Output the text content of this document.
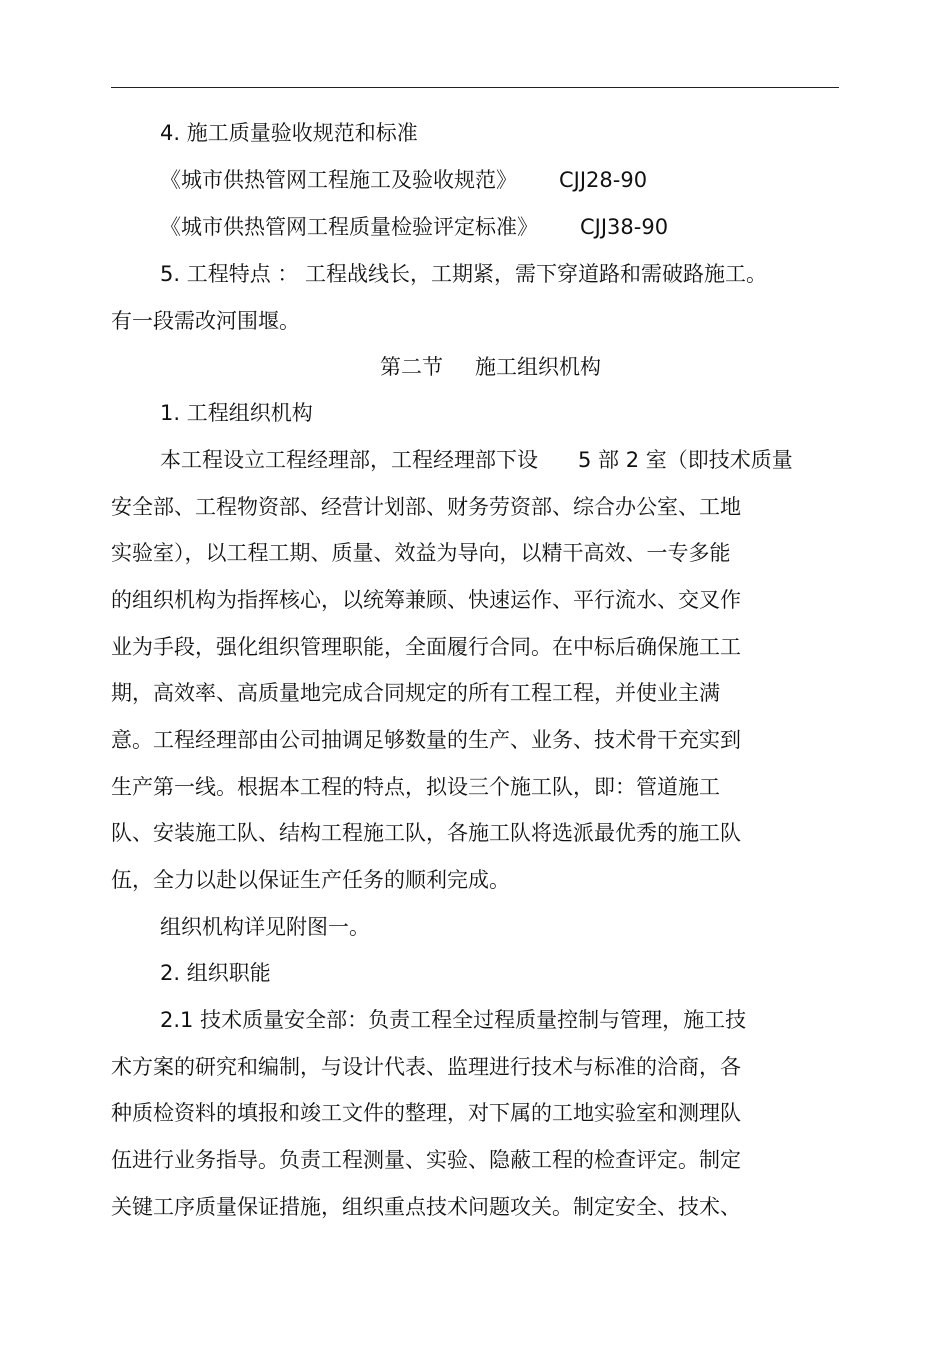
4. 施工质量验收规范和标准
《城市供热管网工程施工及验收规范》 CJJ28-90
《城市供热管网工程质量检验评定标准》 CJJ38-90
5. 工程特点 ： 工程战线长，工期紧，需下穿道路和需破路施工。
有一段需改河围堰。
第二节 施工组织机构
1. 工程组织机构
本工程设立工程经理部，工程经理部下设 5 部 2 室（即技术质量
安全部、工程物资部、经营计划部、财务劳资部、综合办公室、工地
实验室），以工程工期、质量、效益为导向，以精干高效、一专多能
的组织机构为指挥核心，以统筹兼顾、快速运作、平行流水、交叉作
业为手段，强化组织管理职能，全面履行合同。在中标后确保施工工
期，高效率、高质量地完成合同规定的所有工程工程，并使业主满
意。工程经理部由公司抽调足够数量的生产、业务、技术骨干充实到
生产第一线。根据本工程的特点，拟设三个施工队，即：管道施工
队、安装施工队、结构工程施工队，各施工队将选派最优秀的施工队
伍，全力以赴以保证生产任务的顺利完成。
组织机构详见附图一。
2. 组织职能
2.1 技术质量安全部：负责工程全过程质量控制与管理，施工技
术方案的研究和编制，与设计代表、监理进行技术与标准的洽商，各
种质检资料的填报和竣工文件的整理，对下属的工地实验室和测理队
伍进行业务指导。负责工程测量、实验、隐蔽工程的检查评定。制定
关键工序质量保证措施，组织重点技术问题攻关。制定安全、技术、
